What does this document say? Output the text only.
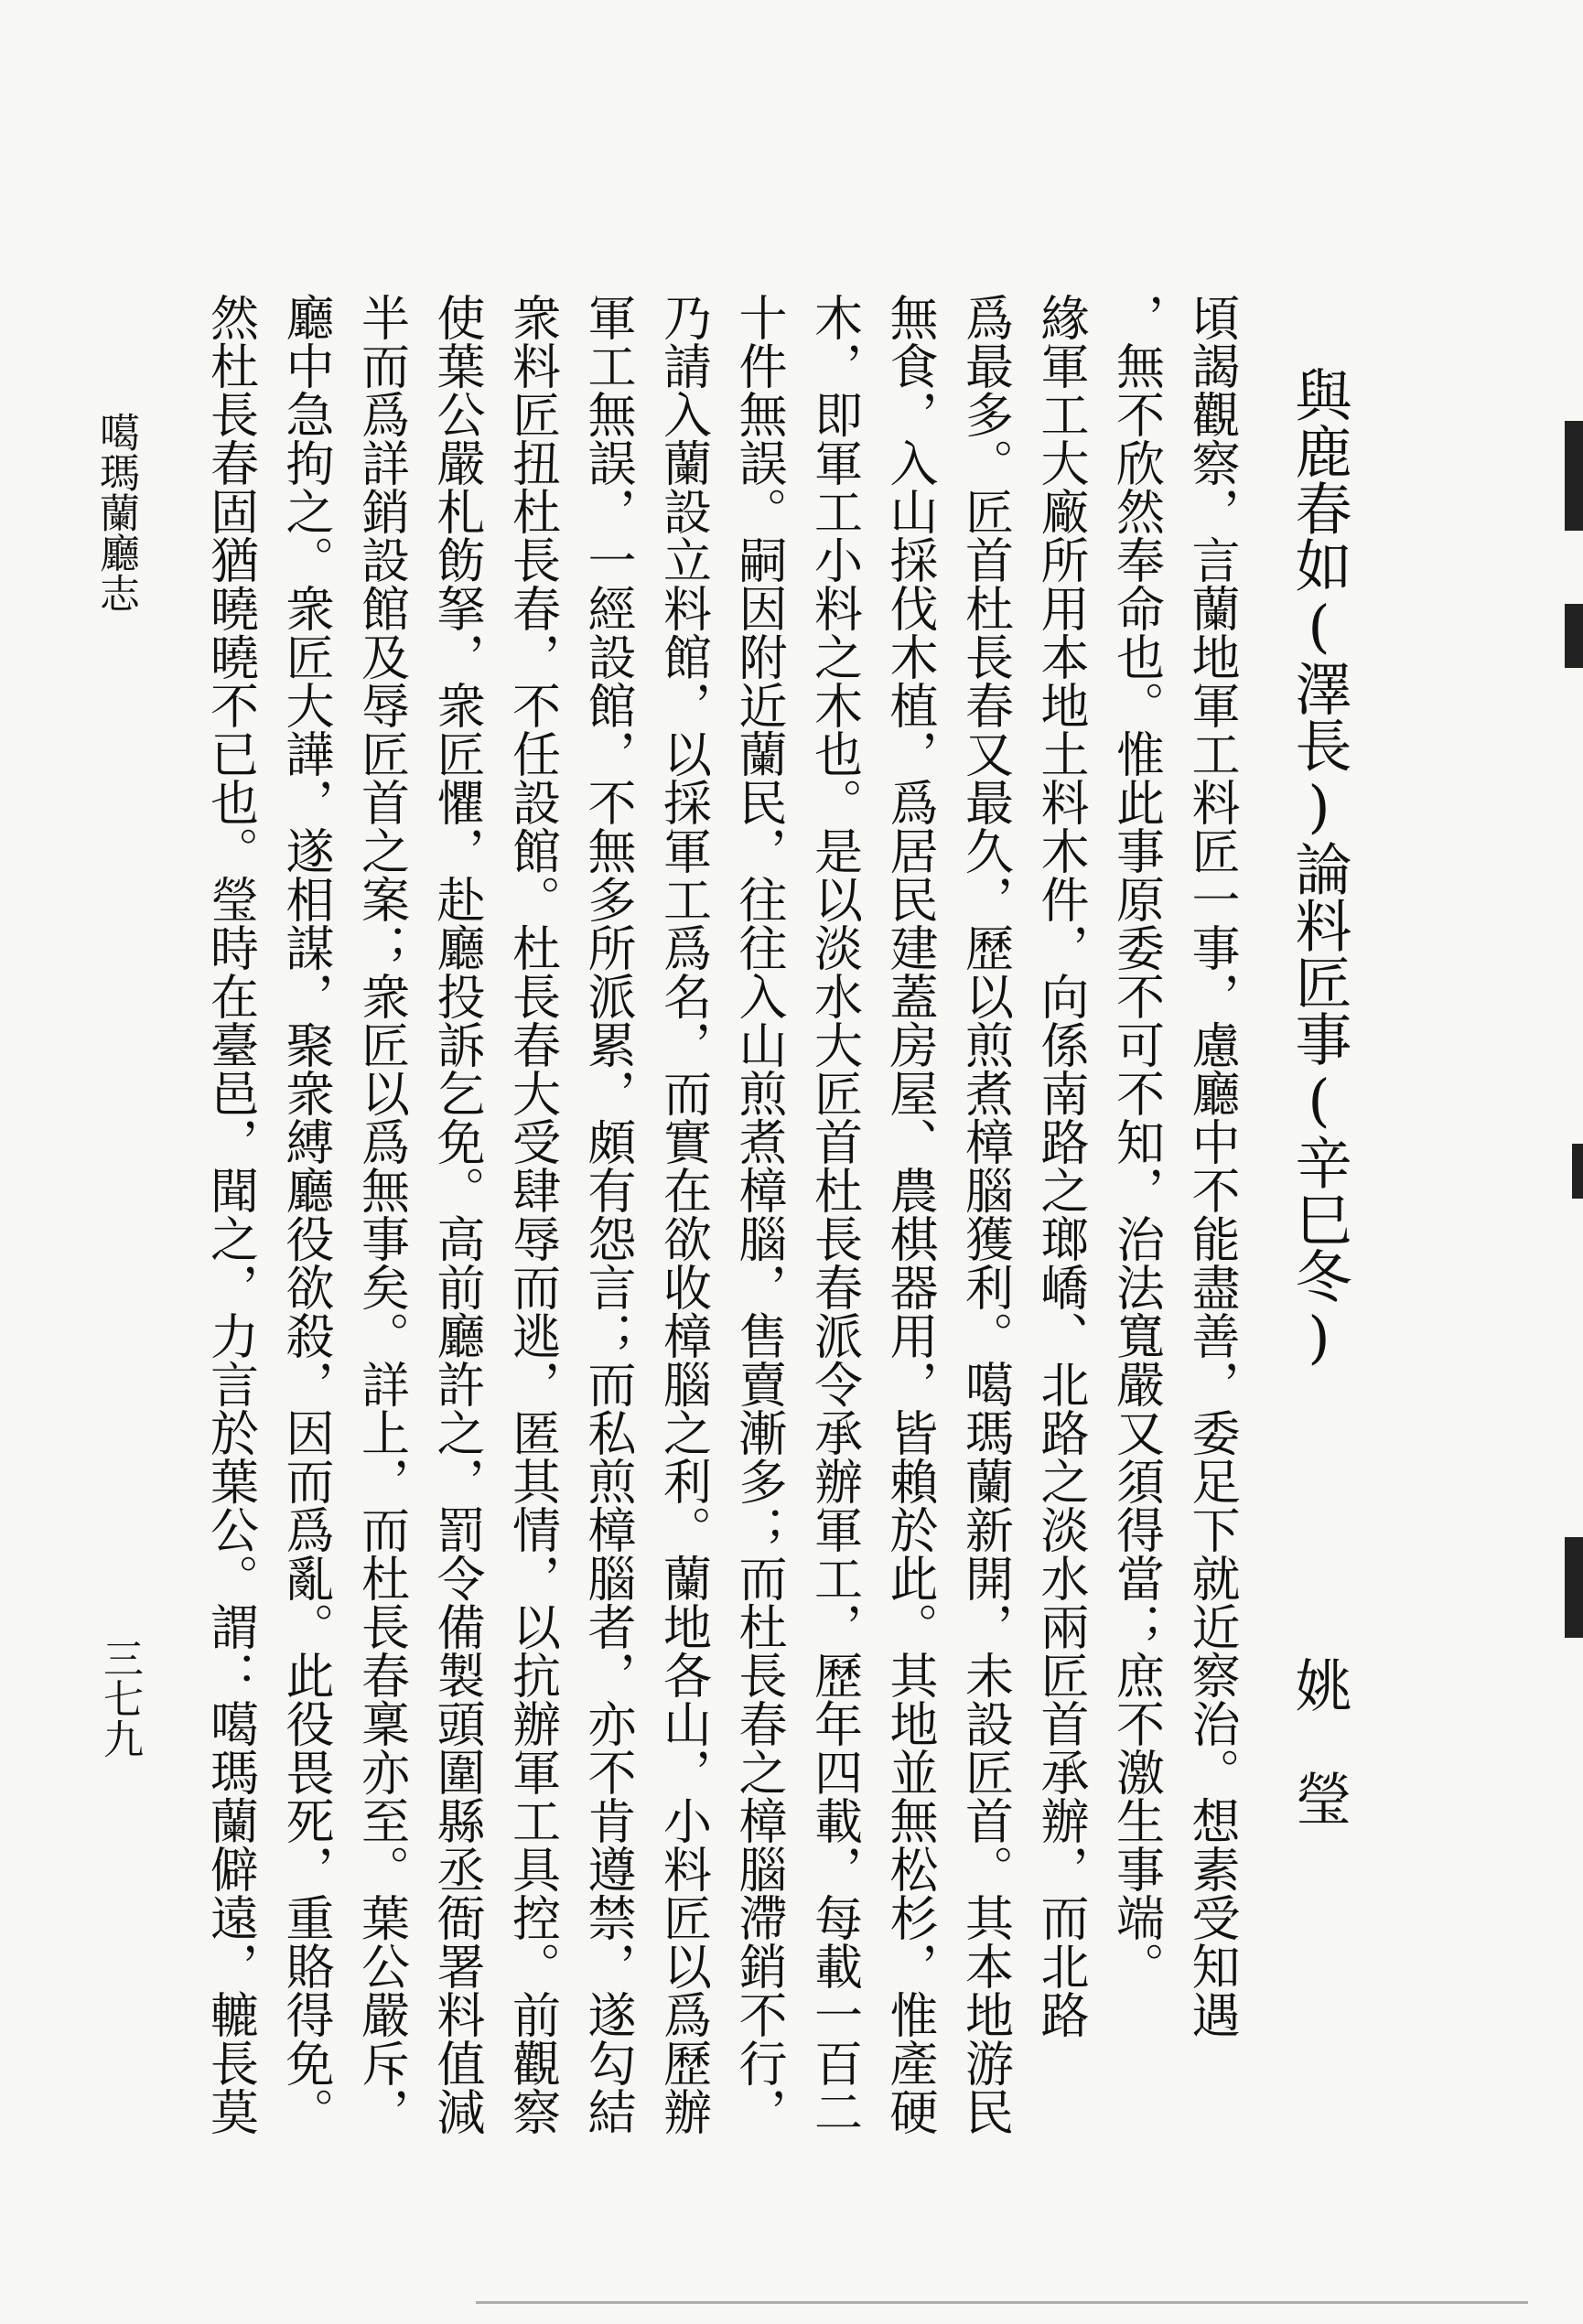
與鹿春如(澤長)論料匠事(辛巳冬)
姚　瑩
頃謁觀察，言蘭地軍工料匠一事，慮廳中不能盡善，委足下就近察治。想素受知遇
，無不欣然奉命也。惟此事原委不可不知，治法寬嚴又須得當；庶不激生事端。
緣軍工大廠所用本地土料木件，向係南路之瑯嶠、北路之淡水兩匠首承辦，而北路
爲最多。匠首杜長春又最久，歷以煎煮樟腦獲利。噶瑪蘭新開，未設匠首。其本地游民
無食，入山採伐木植，爲居民建蓋房屋、農棋器用，皆賴於此。其地並無松杉，惟產硬
木，即軍工小料之木也。是以淡水大匠首杜長春派令承辦軍工，歷年四載，每載一百二
十件無誤。嗣因附近蘭民，往往入山煎煮樟腦，售賣漸多；而杜長春之樟腦滯銷不行，
乃請入蘭設立料館，以採軍工爲名，而實在欲收樟腦之利。蘭地各山，小料匠以爲歷辦
軍工無誤，一經設館，不無多所派累，頗有怨言；而私煎樟腦者，亦不肯遵禁，遂勾結
衆料匠扭杜長春，不任設館。杜長春大受肆辱而逃，匿其情，以抗辦軍工具控。前觀察
使葉公嚴札飭拏，衆匠懼，赴廳投訴乞免。高前廳許之，罰令備製頭圍縣丞衙署料值減
半而爲詳銷設館及辱匠首之案；衆匠以爲無事矣。詳上，而杜長春稟亦至。葉公嚴斥，
廳中急拘之。衆匠大譁，遂相謀，聚衆縛廳役欲殺，因而爲亂。此役畏死，重賂得免。
然杜長春固猶曉曉不已也。瑩時在臺邑，聞之，力言於葉公。謂：噶瑪蘭僻遠，轆長莫
噶瑪蘭廳志
三七九
